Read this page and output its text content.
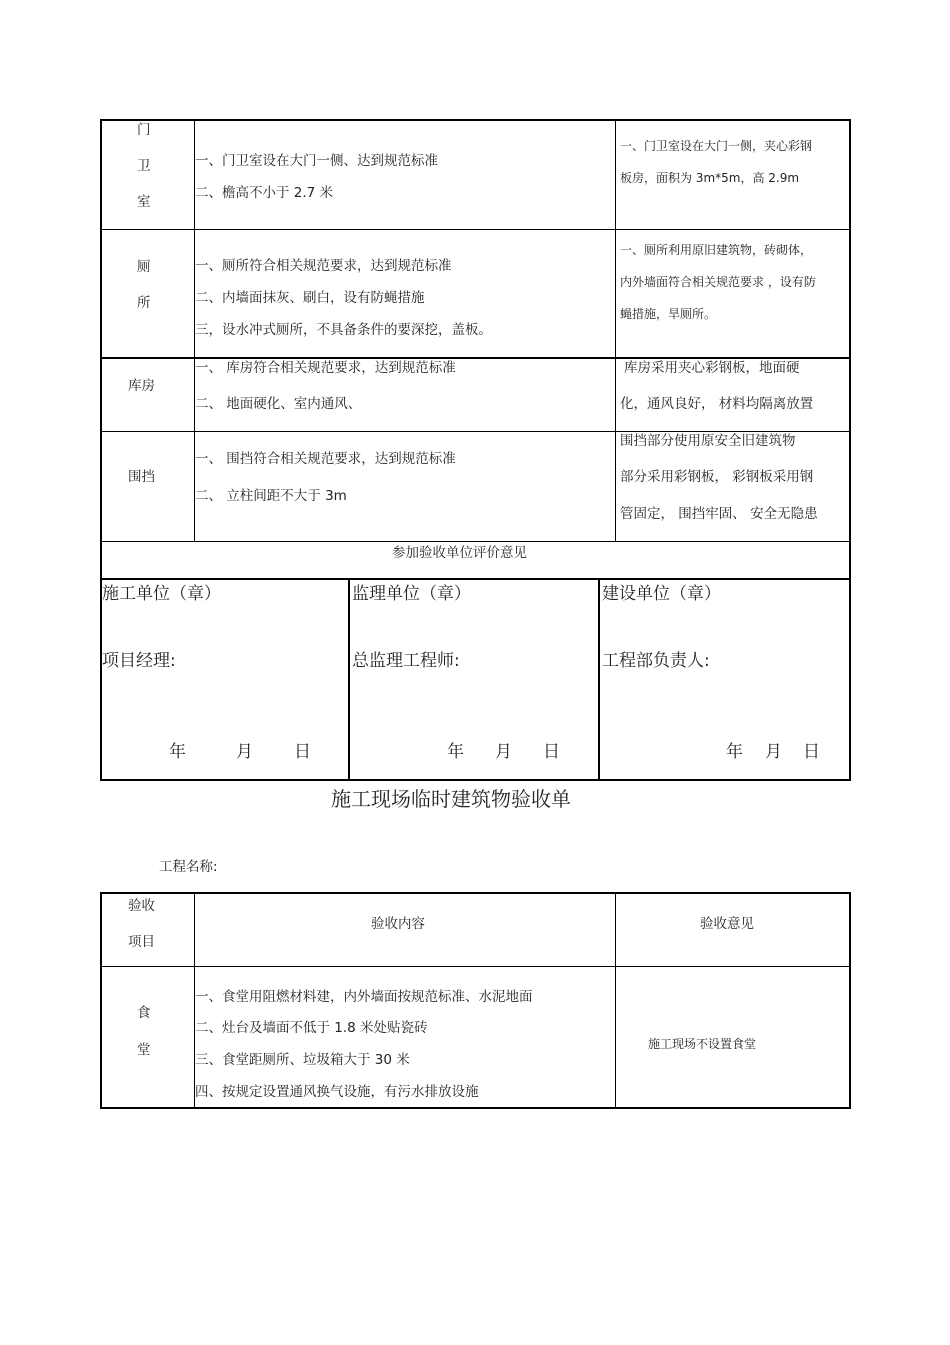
门
卫
室
一、门卫室设在大门一侧、达到规范标准
二、檐高不小于 2.7 米
一、门卫室设在大门一侧，夹心彩钢
板房，面积为 3m*5m，高 2.9m
厕
所
一、厕所符合相关规范要求，达到规范标准
二、内墙面抹灰、刷白，设有防蝇措施
三，设水冲式厕所，不具备条件的要深挖，盖板。
一、厕所利用原旧建筑物，砖砌体，
内外墙面符合相关规范要求 ，设有防
蝇措施，旱厕所。
库房
一、 库房符合相关规范要求，达到规范标准
二、 地面硬化、室内通风、
库房采用夹心彩钢板，地面硬
化，通风良好， 材料均隔离放置
围挡
一、 围挡符合相关规范要求，达到规范标准
二、 立柱间距不大于 3m
围挡部分使用原安全旧建筑物
部分采用彩钢板， 彩钢板采用钢
管固定， 围挡牢固、 安全无隐患
参加验收单位评价意见
施工单位（章）
项目经理:
年	月 日
监理单位（章）
总监理工程师:
年 月 日
建设单位（章）
工程部负责人:
年 月 日
施工现场临时建筑物验收单
工程名称:
验收
项目
验收内容	验收意见
食
堂
一、食堂用阻燃材料建，内外墙面按规范标准、水泥地面
二、灶台及墙面不低于 1.8 米处贴瓷砖
三、食堂距厕所、垃圾箱大于 30 米
四、按规定设置通风换气设施，有污水排放设施
施工现场不设置食堂
